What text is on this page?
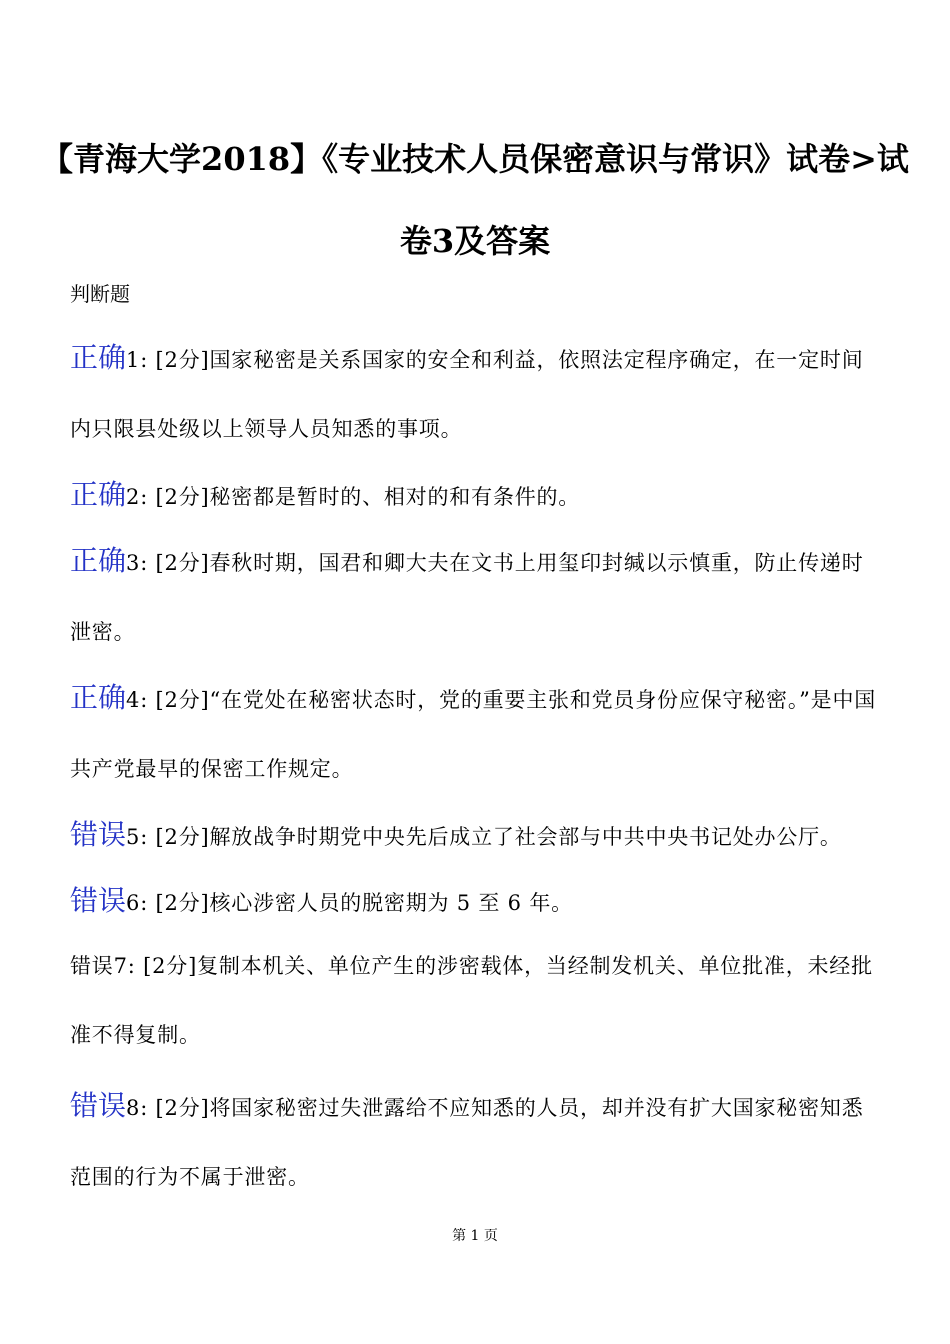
【青海大学2018】《专业技术人员保密意识与常识》试卷>试卷3及答案
判断题

正确1: [2分]国家秘密是关系国家的安全和利益，依照法定程序确定，在一定时间内只限县处级以上领导人员知悉的事项。

正确2: [2分]秘密都是暂时的、相对的和有条件的。

正确3: [2分]春秋时期，国君和卿大夫在文书上用玺印封缄以示慎重，防止传递时泄密。

正确4: [2分]“在党处在秘密状态时，党的重要主张和党员身份应保守秘密。”是中国共产党最早的保密工作规定。

错误5: [2分]解放战争时期党中央先后成立了社会部与中共中央书记处办公厅。

错误6: [2分]核心涉密人员的脱密期为 5 至 6 年。

错误7: [2分]复制本机关、单位产生的涉密载体，当经制发机关、单位批准，未经批准不得复制。

错误8: [2分]将国家秘密过失泄露给不应知悉的人员，却并没有扩大国家秘密知悉范围的行为不属于泄密。

第 1 页
